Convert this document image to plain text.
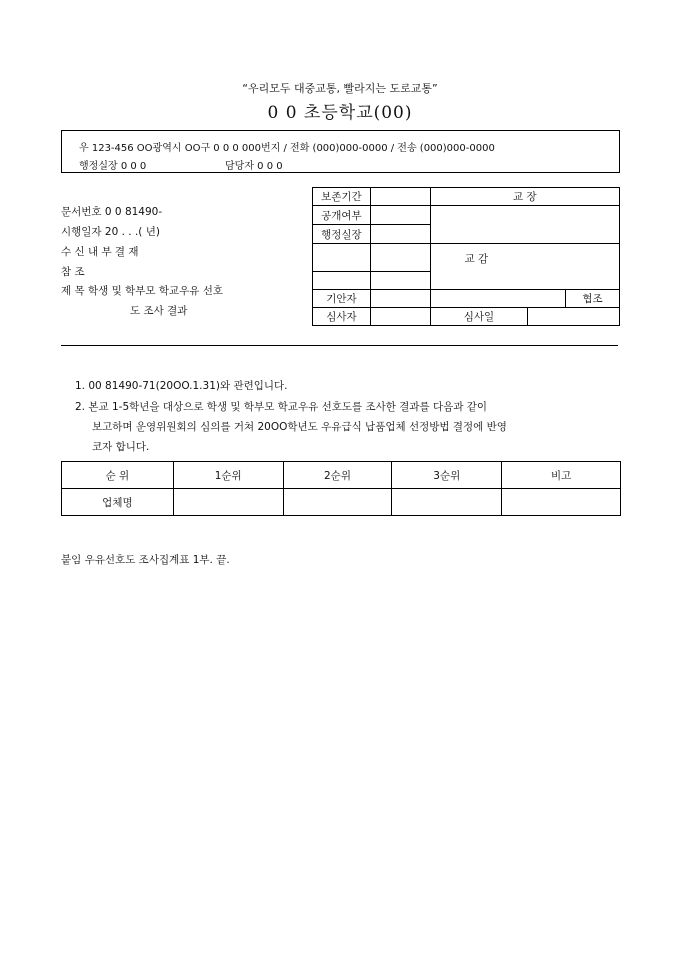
“우리모두 대중교통, 빨라지는 도로교통”
0 0 초등학교(00)
우 123-456 OO광역시 OO구 0 0 0 000번지 / 전화 (000)000-0000 / 전송 (000)000-0000
행정실장 0 0 0	담당자 0 0 0
문서번호 0 0 81490-
시행일자 20 . . .( 년)
수 신 내 부 결 재
참 조
제 목 학생 및 학부모 학교우유 선호
도 조사 결과
보존기간		교 장		
공개여부				
행정실장				
		교 감		

기안자				협조
심사자		심사일		
1. 00 81490-71(20OO.1.31)와 관련입니다.
2. 본교 1-5학년을 대상으로 학생 및 학부모 학교우유 선호도를 조사한 결과를 다음과 같이
보고하며 운영위원회의 심의를 거쳐 20OO학년도 우유급식 납품업체 선정방법 결정에 반영
코자 합니다.
순 위	1순위	2순위	3순위	비고
업체명				
붙임 우유선호도 조사집계표 1부. 끝.
